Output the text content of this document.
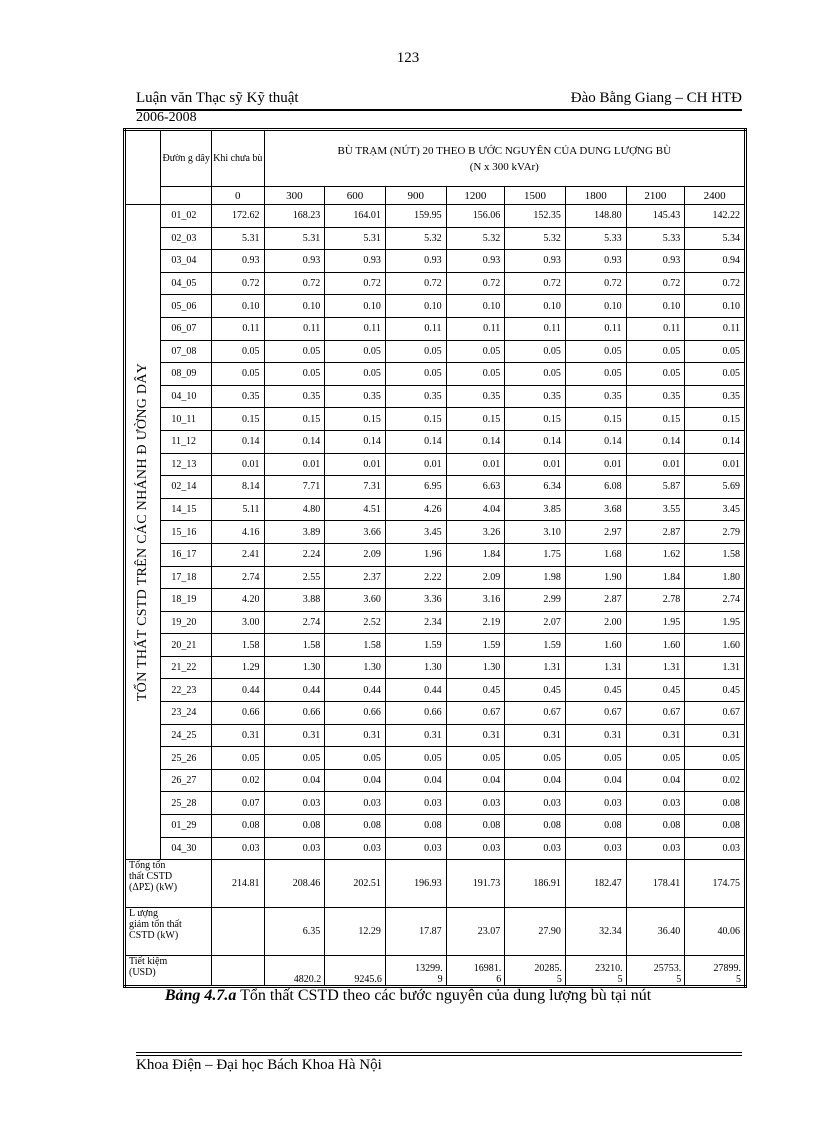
123
Luận văn Thạc sỹ Kỹ thuật	Đào Bằng Giang – CH HTĐ
2006-2008
	Đườn g dây	Khi chưa bù	BÙ TRẠM (NÚT) 20 THEO B ƯỚC NGUYÊN CỦA DUNG LƯỢNG BÙ
(N x 300 kVAr)							
		0	300	600	900	1200	1500	1800	2100	2400

TỔN THẤT CSTD TRÊN CÁC NHÁNH Đ ƯỜNG DÂY	01_02	172.62	168.23	164.01	159.95	156.06	152.35	148.80	145.43	142.22
	02_03	5.31	5.31	5.31	5.32	5.32	5.32	5.33	5.33	5.34
	03_04	0.93	0.93	0.93	0.93	0.93	0.93	0.93	0.93	0.94
	04_05	0.72	0.72	0.72	0.72	0.72	0.72	0.72	0.72	0.72
	05_06	0.10	0.10	0.10	0.10	0.10	0.10	0.10	0.10	0.10
	06_07	0.11	0.11	0.11	0.11	0.11	0.11	0.11	0.11	0.11
	07_08	0.05	0.05	0.05	0.05	0.05	0.05	0.05	0.05	0.05
	08_09	0.05	0.05	0.05	0.05	0.05	0.05	0.05	0.05	0.05
	04_10	0.35	0.35	0.35	0.35	0.35	0.35	0.35	0.35	0.35
	10_11	0.15	0.15	0.15	0.15	0.15	0.15	0.15	0.15	0.15
	11_12	0.14	0.14	0.14	0.14	0.14	0.14	0.14	0.14	0.14
	12_13	0.01	0.01	0.01	0.01	0.01	0.01	0.01	0.01	0.01
	02_14	8.14	7.71	7.31	6.95	6.63	6.34	6.08	5.87	5.69
	14_15	5.11	4.80	4.51	4.26	4.04	3.85	3.68	3.55	3.45
	15_16	4.16	3.89	3.66	3.45	3.26	3.10	2.97	2.87	2.79
	16_17	2.41	2.24	2.09	1.96	1.84	1.75	1.68	1.62	1.58
	17_18	2.74	2.55	2.37	2.22	2.09	1.98	1.90	1.84	1.80
	18_19	4.20	3.88	3.60	3.36	3.16	2.99	2.87	2.78	2.74
	19_20	3.00	2.74	2.52	2.34	2.19	2.07	2.00	1.95	1.95
	20_21	1.58	1.58	1.58	1.59	1.59	1.59	1.60	1.60	1.60
	21_22	1.29	1.30	1.30	1.30	1.30	1.31	1.31	1.31	1.31
	22_23	0.44	0.44	0.44	0.44	0.45	0.45	0.45	0.45	0.45
	23_24	0.66	0.66	0.66	0.66	0.67	0.67	0.67	0.67	0.67
	24_25	0.31	0.31	0.31	0.31	0.31	0.31	0.31	0.31	0.31
	25_26	0.05	0.05	0.05	0.05	0.05	0.05	0.05	0.05	0.05
	26_27	0.02	0.04	0.04	0.04	0.04	0.04	0.04	0.04	0.02
	25_28	0.07	0.03	0.03	0.03	0.03	0.03	0.03	0.03	0.08
	01_29	0.08	0.08	0.08	0.08	0.08	0.08	0.08	0.08	0.08
	04_30	0.03	0.03	0.03	0.03	0.03	0.03	0.03	0.03	0.03
Tổng tổn
thất CSTD
(ΔPΣ) (kW)		214.81	208.46	202.51	196.93	191.73	186.91	182.47	178.41	174.75
L ượng
giảm tổn thất
CSTD (kW)			6.35	12.29	17.87	23.07	27.90	32.34	36.40	40.06
Tiết kiệm
(USD)			4820.2	9245.6	13299.
9	16981.
6	20285.
5	23210.
5	25753.
5	27899.
5
Bảng 4.7.a Tổn thất CSTD theo các bước nguyên của dung lượng bù tại nút
Khoa Điện – Đại học Bách Khoa Hà Nội
